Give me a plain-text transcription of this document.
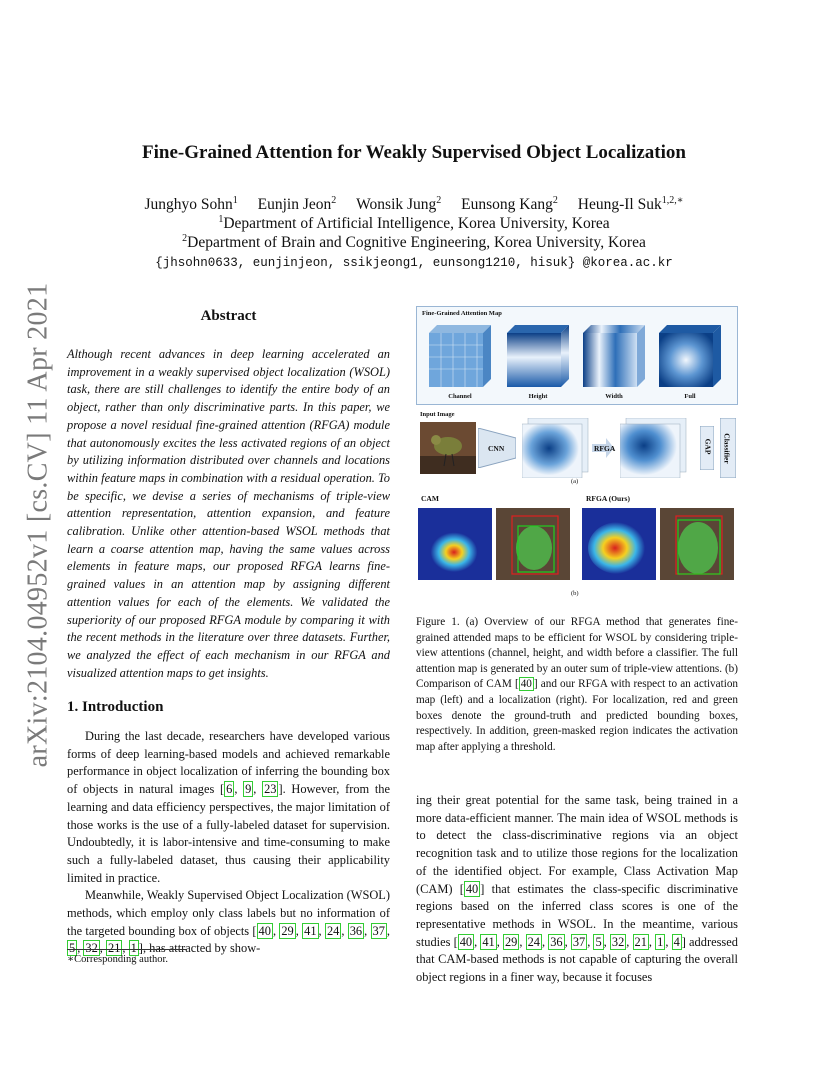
arXiv:2104.04952v1 [cs.CV] 11 Apr 2021
Fine-Grained Attention for Weakly Supervised Object Localization
Junghyo Sohn$^1$ Eunjin Jeon$^2$ Wonsik Jung$^2$ Eunsong Kang$^2$ Heung-Il Suk$^{1,2,∗}$
$^1$Department of Artificial Intelligence, Korea University, Korea
$^2$Department of Brain and Cognitive Engineering, Korea University, Korea
{jhsohn0633, eunjinjeon, ssikjeong1, eunsong1210, hisuk} @korea.ac.kr
Abstract
Although recent advances in deep learning accelerated an improvement in a weakly supervised object localization (WSOL) task, there are still challenges to identify the entire body of an object, rather than only discriminative parts. In this paper, we propose a novel residual fine-grained attention (RFGA) module that autonomously excites the less activated regions of an object by utilizing information distributed over channels and locations within feature maps in combination with a residual operation. To be specific, we devise a series of mechanisms of triple-view attention representation, attention expansion, and feature calibration. Unlike other attention-based WSOL methods that learn a coarse attention map, having the same values across elements in feature maps, our proposed RFGA learns fine-grained values in an attention map by assigning different attention values for each of the elements. We validated the superiority of our proposed RFGA module by comparing it with the recent methods in the literature over three datasets. Further, we analyzed the effect of each mechanism in our RFGA and visualized attention maps to get insights.
1. Introduction

During the last decade, researchers have developed various forms of deep learning-based models and achieved remarkable performance in object localization of inferring the bounding box of objects in natural images [ 6 , 9 , 23 ]. However, from the learning and data efficiency perspectives, the major limitation of those works is the use of a fully-labeled dataset for supervision. Undoubtedly, it is labor-intensive and time-consuming to make such a fully-labeled dataset, thus causing their applicability limited in practice.

Meanwhile, Weakly Supervised Object Localization (WSOL) methods, which employ only class labels but no information of the targeted bounding box of objects [ 40 , 29 , 41 , 24 , 36 , 37 , 5 , 32 , 21 , 1 ], has attracted by show-

∗Corresponding author.
Fine-Grained Attention Map
Channel	Height	Width	Full
Input Image
CNN	RFGA	GAP Classifier
(a)
CAM	RFGA (Ours)
(b)
Figure 1. (a) Overview of our RFGA method that generates fine-grained attended maps to be efficient for WSOL by considering triple-view attentions (channel, height, and width before a classifier. The full attention map is generated by an outer sum of triple-view attentions. (b) Comparison of CAM [ 40 ] and our RFGA with respect to an activation map (left) and a localization (right). For localization, red and green boxes denote the ground-truth and predicted bounding boxes, respectively. In addition, green-masked region indicates the activation map after applying a threshold.
ing their great potential for the same task, being trained in a more data-efficient manner. The main idea of WSOL methods is to detect the class-discriminative regions via an object recognition task and to utilize those regions for the localization of the identified object. For example, Class Activation Map (CAM) [ 40 ] that estimates the class-specific discriminative regions based on the inferred class scores is one of the representative methods in WSOL. In the meantime, various studies [ 40 , 41 , 29 , 24 , 36 , 37 , 5 , 32 , 21 , 1 , 4 ] addressed that CAM-based methods is not capable of capturing the overall object regions in a finer way, because it focuses
